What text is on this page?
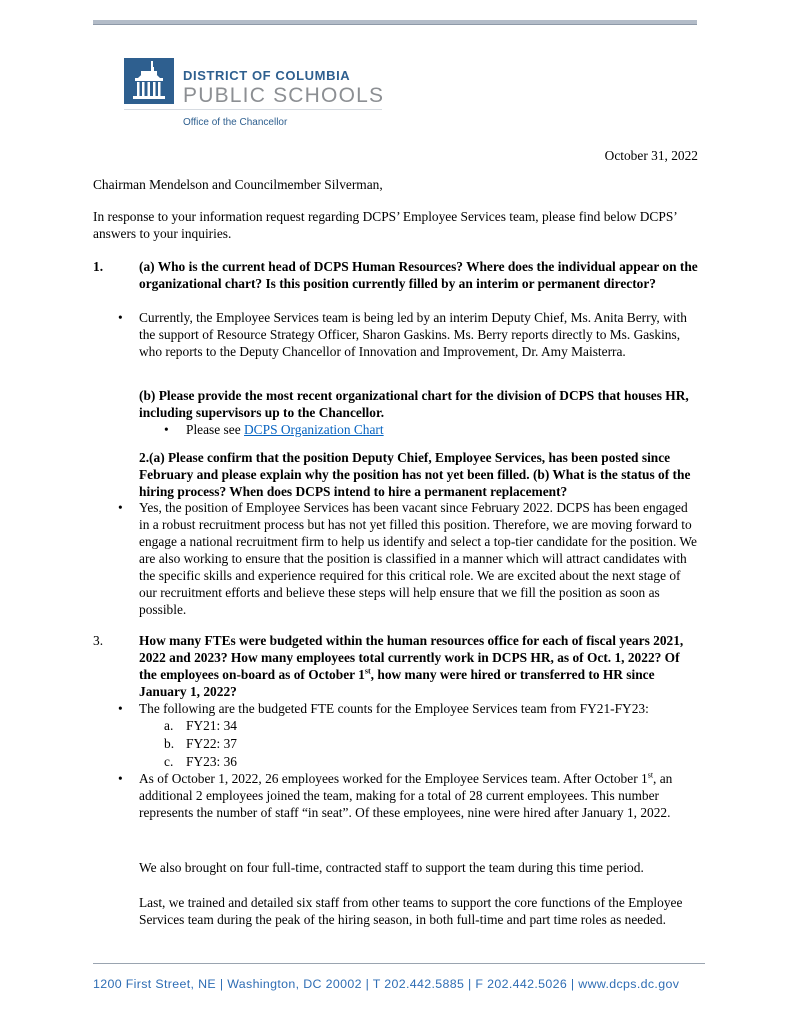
DISTRICT OF COLUMBIA
PUBLIC SCHOOLS
Office of the Chancellor

October 31, 2022

Chairman Mendelson and Councilmember Silverman,

In response to your information request regarding DCPS’ Employee Services team, please find below DCPS’ answers to your inquiries.

1.	(a) Who is the current head of DCPS Human Resources? Where does the individual appear on the organizational chart? Is this position currently filled by an interim or permanent director?

• Currently, the Employee Services team is being led by an interim Deputy Chief, Ms. Anita Berry, with the support of Resource Strategy Officer, Sharon Gaskins. Ms. Berry reports directly to Ms. Gaskins, who reports to the Deputy Chancellor of Innovation and Improvement, Dr. Amy Maisterra.

(b) Please provide the most recent organizational chart for the division of DCPS that houses HR, including supervisors up to the Chancellor.

• Please see DCPS Organization Chart

2.(a) Please confirm that the position Deputy Chief, Employee Services, has been posted since February and please explain why the position has not yet been filled. (b) What is the status of the hiring process? When does DCPS intend to hire a permanent replacement?

• Yes, the position of Employee Services has been vacant since February 2022. DCPS has been engaged in a robust recruitment process but has not yet filled this position. Therefore, we are moving forward to engage a national recruitment firm to help us identify and select a top-tier candidate for the position. We are also working to ensure that the position is classified in a manner which will attract candidates with the specific skills and experience required for this critical role. We are excited about the next stage of our recruitment efforts and believe these steps will help ensure that we fill the position as soon as possible.

3.	How many FTEs were budgeted within the human resources office for each of fiscal years 2021, 2022 and 2023? How many employees total currently work in DCPS HR, as of Oct. 1, 2022? Of the employees on-board as of October 1st, how many were hired or transferred to HR since January 1, 2022?

• The following are the budgeted FTE counts for the Employee Services team from FY21-FY23:

a. FY21: 34

b. FY22: 37

c. FY23: 36

• As of October 1, 2022, 26 employees worked for the Employee Services team. After October 1st, an additional 2 employees joined the team, making for a total of 28 current employees. This number represents the number of staff “in seat”. Of these employees, nine were hired after January 1, 2022.

We also brought on four full-time, contracted staff to support the team during this time period.

Last, we trained and detailed six staff from other teams to support the core functions of the Employee Services team during the peak of the hiring season, in both full-time and part time roles as needed.

1200 First Street, NE | Washington, DC 20002 | T 202.442.5885 | F 202.442.5026 | www.dcps.dc.gov
